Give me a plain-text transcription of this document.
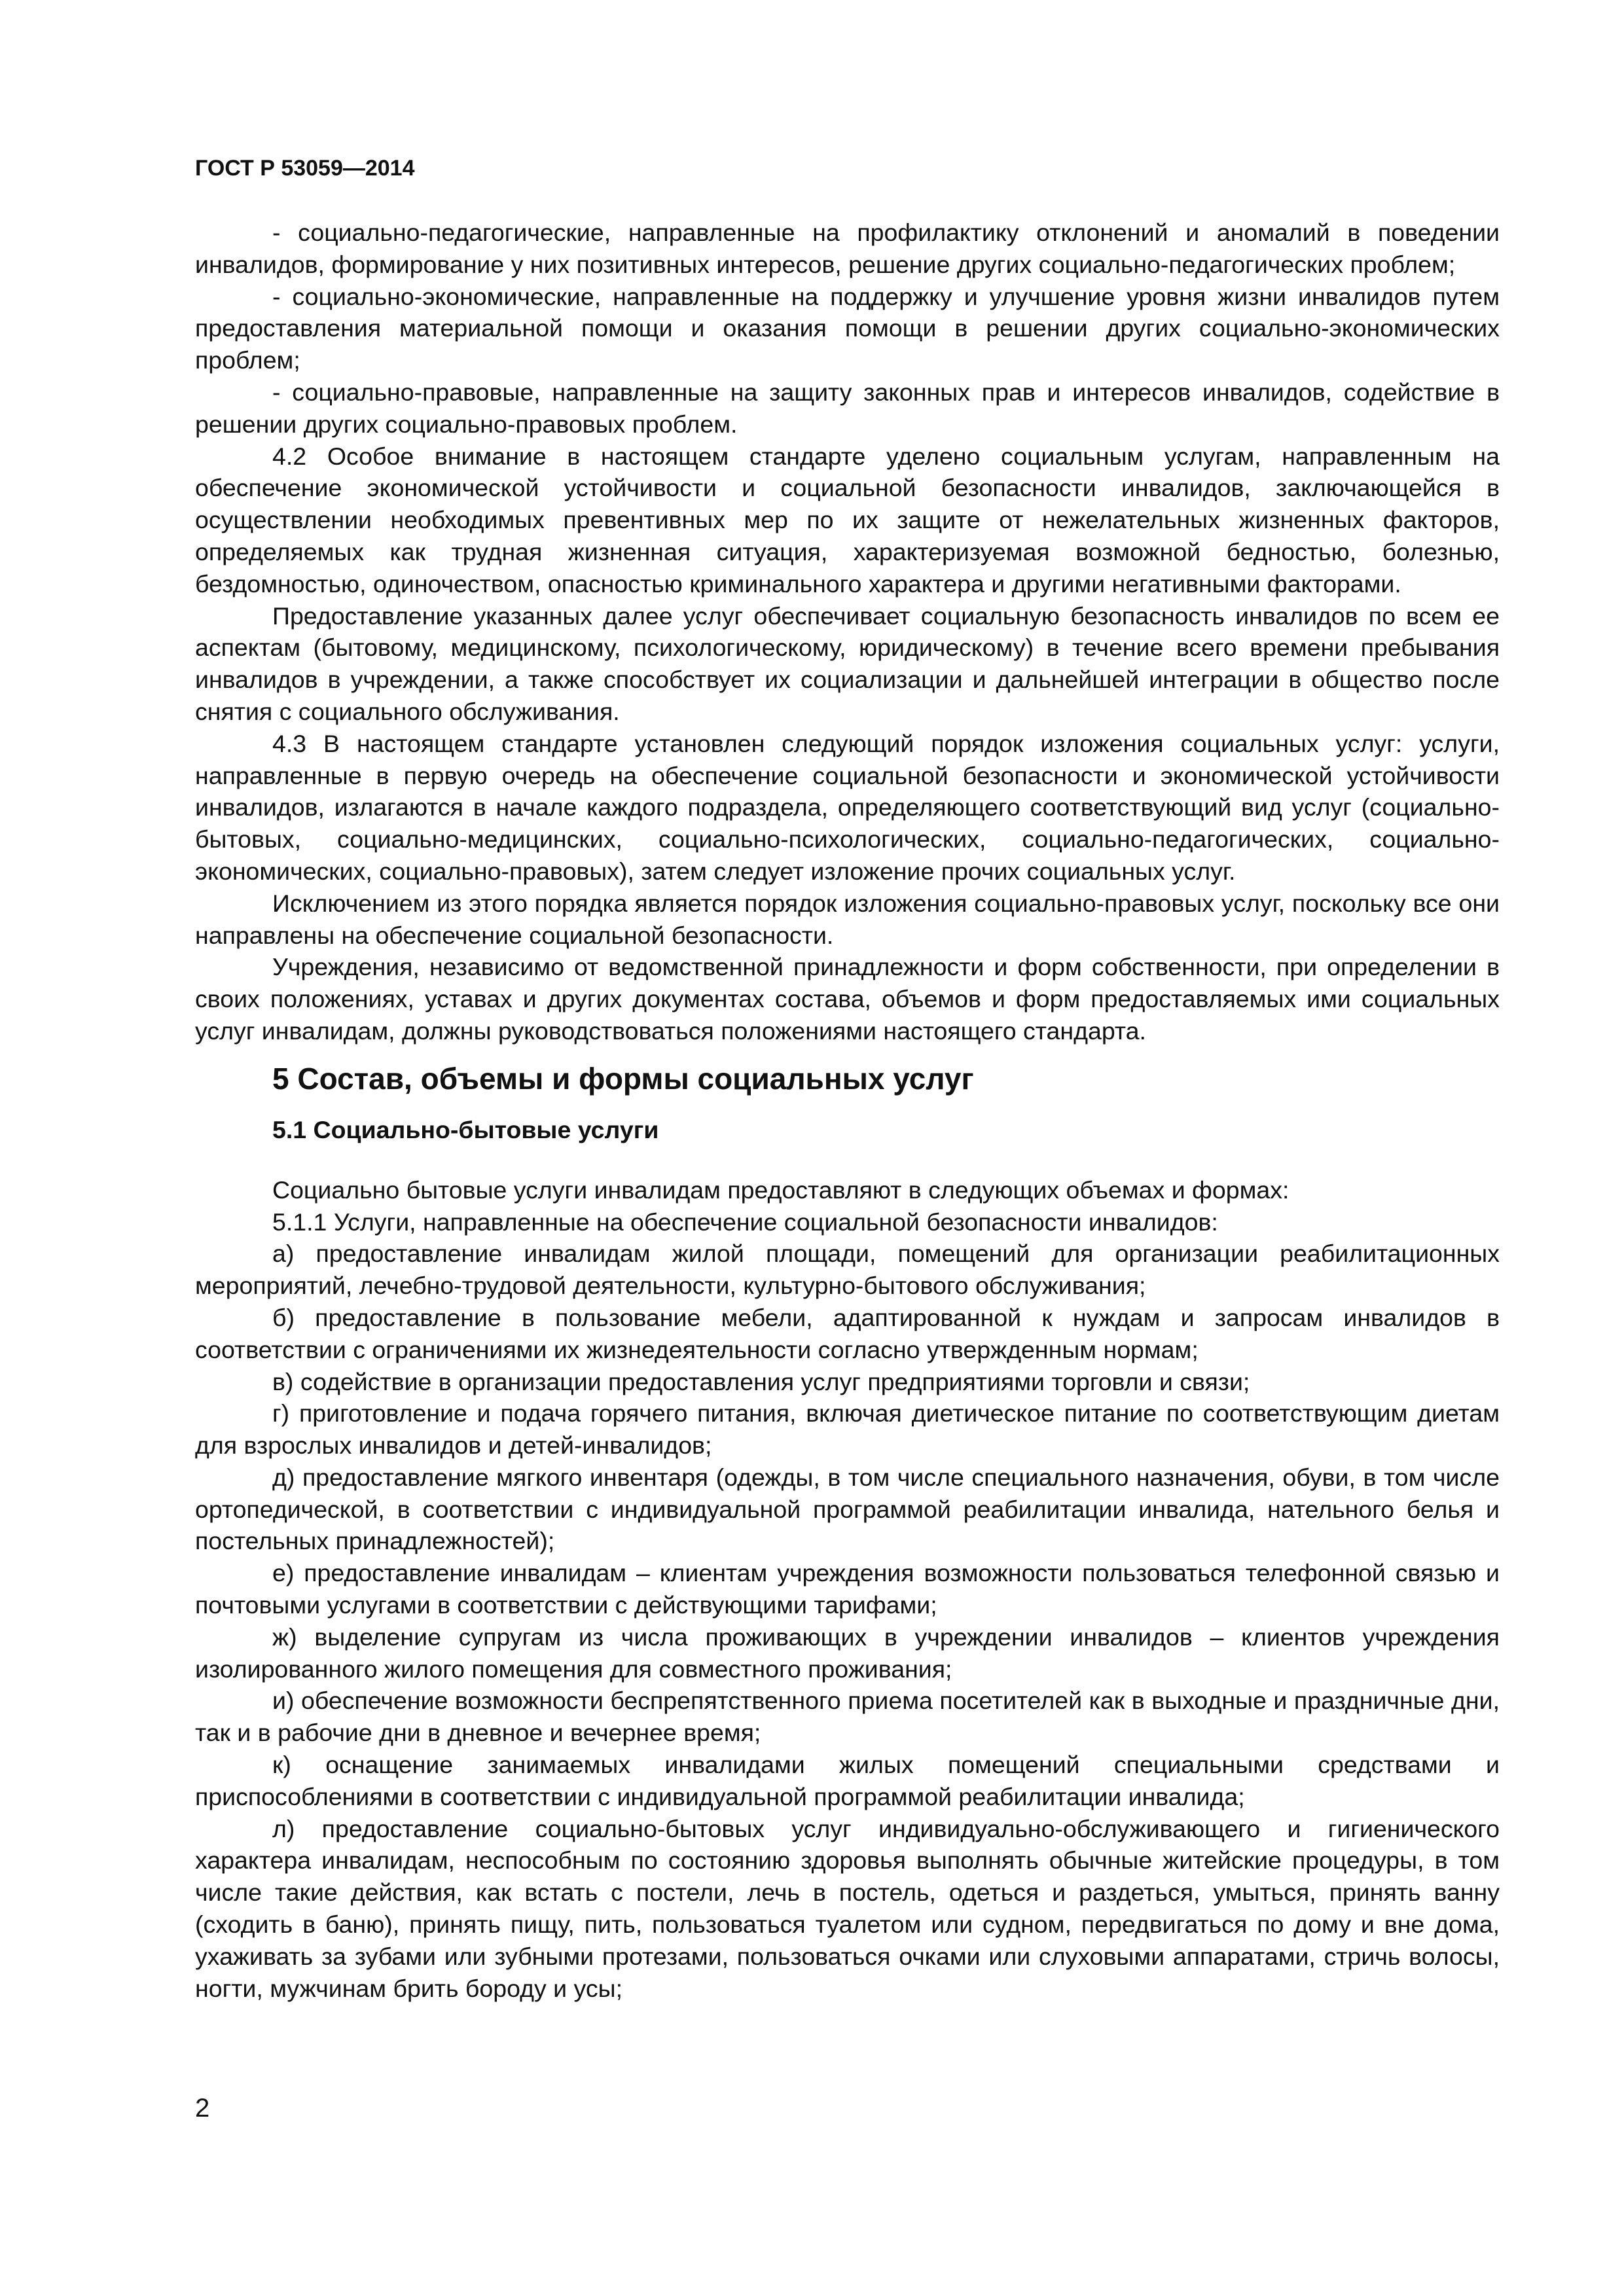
ГОСТ Р 53059—2014

- социально-педагогические, направленные на профилактику отклонений и аномалий в поведении инвалидов, формирование у них позитивных интересов, решение других социально-педагогических проблем;

- социально-экономические, направленные на поддержку и улучшение уровня жизни инвалидов путем предоставления материальной помощи и оказания помощи в решении других социально-экономических проблем;

- социально-правовые, направленные на защиту законных прав и интересов инвалидов, содействие в решении других социально-правовых проблем.

4.2 Особое внимание в настоящем стандарте уделено социальным услугам, направленным на обеспечение экономической устойчивости и социальной безопасности инвалидов, заключающейся в осуществлении необходимых превентивных мер по их защите от нежелательных жизненных факторов, определяемых как трудная жизненная ситуация, характеризуемая возможной бедностью, болезнью, бездомностью, одиночеством, опасностью криминального характера и другими негативными факторами.

Предоставление указанных далее услуг обеспечивает социальную безопасность инвалидов по всем ее аспектам (бытовому, медицинскому, психологическому, юридическому) в течение всего времени пребывания инвалидов в учреждении, а также способствует их социализации и дальнейшей интеграции в общество после снятия с социального обслуживания.

4.3 В настоящем стандарте установлен следующий порядок изложения социальных услуг: услуги, направленные в первую очередь на обеспечение социальной безопасности и экономической устойчивости инвалидов, излагаются в начале каждого подраздела, определяющего соответствующий вид услуг (социально-бытовых, социально-медицинских, социально-психологических, социально-педагогических, социально-экономических, социально-правовых), затем следует изложение прочих социальных услуг.

Исключением из этого порядка является порядок изложения социально-правовых услуг, поскольку все они направлены на обеспечение социальной безопасности.

Учреждения, независимо от ведомственной принадлежности и форм собственности, при определении в своих положениях, уставах и других документах состава, объемов и форм предоставляемых ими социальных услуг инвалидам, должны руководствоваться положениями настоящего стандарта.

5 Состав, объемы и формы социальных услуг
5.1 Социально-бытовые услуги

Социально бытовые услуги инвалидам предоставляют в следующих объемах и формах:

5.1.1 Услуги, направленные на обеспечение социальной безопасности инвалидов:

а) предоставление инвалидам жилой площади, помещений для организации реабилитационных мероприятий, лечебно-трудовой деятельности, культурно-бытового обслуживания;

б) предоставление в пользование мебели, адаптированной к нуждам и запросам инвалидов в соответствии с ограничениями их жизнедеятельности согласно утвержденным нормам;

в) содействие в организации предоставления услуг предприятиями торговли и связи;

г) приготовление и подача горячего питания, включая диетическое питание по соответствующим диетам для взрослых инвалидов и детей-инвалидов;

д) предоставление мягкого инвентаря (одежды, в том числе специального назначения, обуви, в том числе ортопедической, в соответствии с индивидуальной программой реабилитации инвалида, нательного белья и постельных принадлежностей);

е) предоставление инвалидам – клиентам учреждения возможности пользоваться телефонной связью и почтовыми услугами в соответствии с действующими тарифами;

ж) выделение супругам из числа проживающих в учреждении инвалидов – клиентов учреждения изолированного жилого помещения для совместного проживания;

и) обеспечение возможности беспрепятственного приема посетителей как в выходные и праздничные дни, так и в рабочие дни в дневное и вечернее время;

к) оснащение занимаемых инвалидами жилых помещений специальными средствами и приспособлениями в соответствии с индивидуальной программой реабилитации инвалида;

л) предоставление социально-бытовых услуг индивидуально-обслуживающего и гигиенического характера инвалидам, неспособным по состоянию здоровья выполнять обычные житейские процедуры, в том числе такие действия, как встать с постели, лечь в постель, одеться и раздеться, умыться, принять ванну (сходить в баню), принять пищу, пить, пользоваться туалетом или судном, передвигаться по дому и вне дома, ухаживать за зубами или зубными протезами, пользоваться очками или слуховыми аппаратами, стричь волосы, ногти, мужчинам брить бороду и усы;

2
